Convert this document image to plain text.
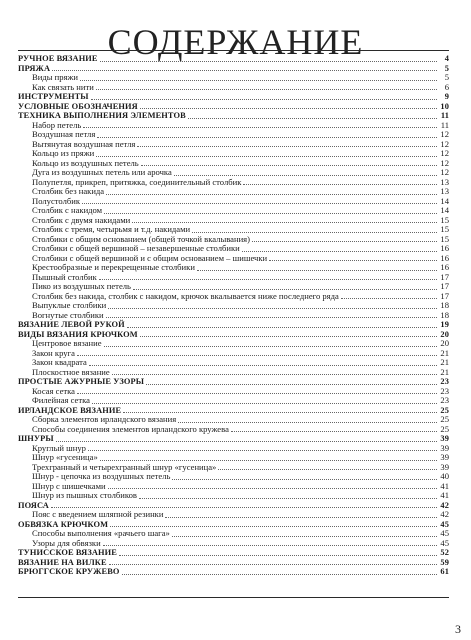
СОДЕРЖАНИЕ
РУЧНОЕ ВЯЗАНИЕ	4
ПРЯЖА	5
Виды пряжи	5
Как связать нити	6
ИНСТРУМЕНТЫ	9
УСЛОВНЫЕ ОБОЗНАЧЕНИЯ	10
ТЕХНИКА ВЫПОЛНЕНИЯ ЭЛЕМЕНТОВ	11
Набор петель	11
Воздушная петля	12
Вытянутая воздушная петля	12
Кольцо из пряжи	12
Кольцо из воздушных петель	12
Дуга из воздушных петель или арочка	12
Полупетля, прикреп, притяжка, соединительный столбик	13
Столбик без накида	13
Полустолбик	14
Столбик с накидом	14
Столбик с двумя накидами	15
Столбик с тремя, четырьмя и т.д. накидами	15
Столбики с общим основанием (общей точкой вкалывания)	15
Столбики с общей вершиной – незавершенные столбики	16
Столбики с общей вершиной и с общим основанием – шишечки	16
Крестообразные и перекрещенные столбики	16
Пышный столбик	17
Пико из воздушных петель	17
Столбик без накида, столбик с накидом, крючок вкалывается ниже последнего ряда	17
Выпуклые столбики	18
Вогнутые столбики	18
ВЯЗАНИЕ ЛЕВОЙ РУКОЙ	19
ВИДЫ ВЯЗАНИЯ КРЮЧКОМ	20
Центровое вязание	20
Закон круга	21
Закон квадрата	21
Плоскостное вязание	21
ПРОСТЫЕ АЖУРНЫЕ УЗОРЫ	23
Косая сетка	23
Филейная сетка	23
ИРЛАНДСКОЕ ВЯЗАНИЕ	25
Сборка элементов ирландского вязания	25
Способы соединения элементов ирландского кружева	25
ШНУРЫ	39
Круглый шнур	39
Шнур «гусеница»	39
Трехгранный и четырехгранный шнур «гусеница»	39
Шнур - цепочка из воздушных петель	40
Шнур с шишечками	41
Шнур из пышных столбиков	41
ПОЯСА	42
Пояс с введением шляпной резинки	42
ОБВЯЗКА КРЮЧКОМ	45
Способы выполнения «рачьего шага»	45
Узоры для обвязки	45
ТУНИССКОЕ ВЯЗАНИЕ	52
ВЯЗАНИЕ НА ВИЛКЕ	59
БРЮГГСКОЕ КРУЖЕВО	61
3
